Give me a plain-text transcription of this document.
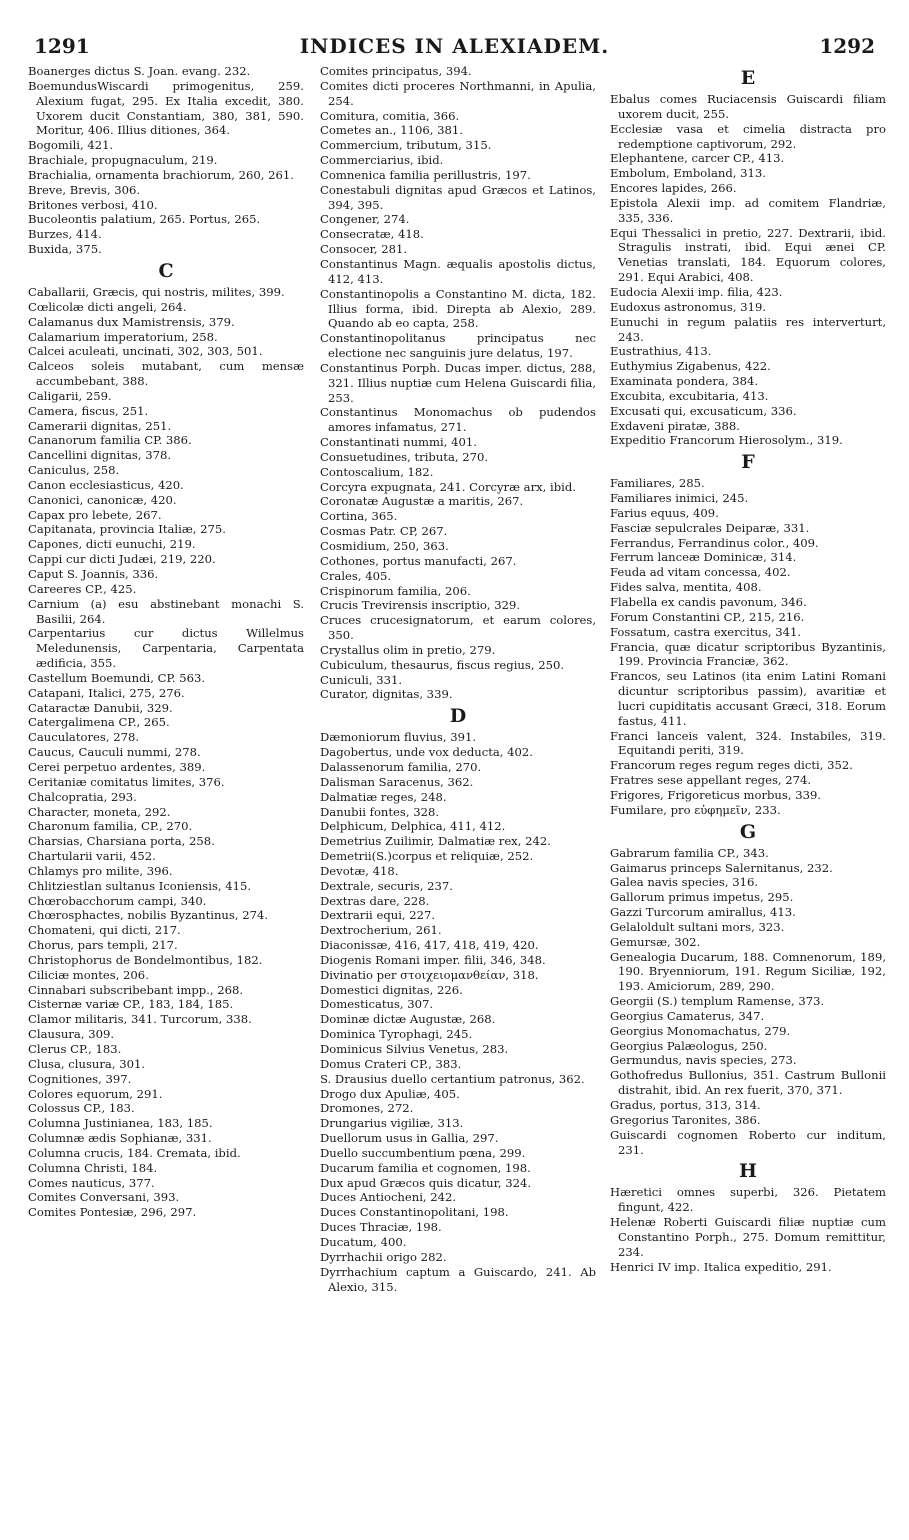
1291	INDICES IN ALEXIADEM.	1292
Boanerges dictus S. Joan. evang. 232.
BoemundusWiscardi primogenitus, 259. Alexium fugat, 295. Ex Italia excedit, 380. Uxorem ducit Constantiam, 380, 381, 590. Moritur, 406. Illius ditiones, 364.
Bogomili, 421.
Brachiale, propugnaculum, 219.
Brachialia, ornamenta brachiorum, 260, 261.
Breve, Brevis, 306.
Britones verbosi, 410.
Bucoleontis palatium, 265. Portus, 265.
Burzes, 414.
Buxida, 375.
C
Caballarii, Græcis, qui nostris, milites, 399.
Cœlicolæ dicti angeli, 264.
Calamanus dux Mamistrensis, 379.
Calamarium imperatorium, 258.
Calcei aculeati, uncinati, 302, 303, 501.
Calceos soleis mutabant, cum mensæ accumbebant, 388.
Caligarii, 259.
Camera, fiscus, 251.
Camerarii dignitas, 251.
Cananorum familia CP. 386.
Cancellini dignitas, 378.
Caniculus, 258.
Canon ecclesiasticus, 420.
Canonici, canonicæ, 420.
Capax pro lebete, 267.
Capitanata, provincia Italiæ, 275.
Capones, dicti eunuchi, 219.
Cappi cur dicti Judæi, 219, 220.
Caput S. Joannis, 336.
Careeres CP., 425.
Carnium (a) esu abstinebant monachi S. Basilii, 264.
Carpentarius cur dictus Willelmus Meledunensis, Carpentaria, Carpentata ædificia, 355.
Castellum Boemundi, CP. 563.
Catapani, Italici, 275, 276.
Cataractæ Danubii, 329.
Catergalimena CP., 265.
Cauculatores, 278.
Caucus, Cauculi nummi, 278.
Cerei perpetuo ardentes, 389.
Ceritaniæ comitatus limites, 376.
Chalcopratia, 293.
Character, moneta, 292.
Charonum familia, CP., 270.
Charsias, Charsiana porta, 258.
Chartularii varii, 452.
Chlamys pro milite, 396.
Chlitziestlan sultanus Iconiensis, 415.
Chœrobacchorum campi, 340.
Chœrosphactes, nobilis Byzantinus, 274.
Chomateni, qui dicti, 217.
Chorus, pars templi, 217.
Christophorus de Bondelmontibus, 182.
Ciliciæ montes, 206.
Cinnabari subscribebant impp., 268.
Cisternæ variæ CP., 183, 184, 185.
Clamor militaris, 341. Turcorum, 338.
Clausura, 309.
Clerus CP., 183.
Clusa, clusura, 301.
Cognitiones, 397.
Colores equorum, 291.
Colossus CP., 183.
Columna Justinianea, 183, 185.
Columnæ ædis Sophianæ, 331.
Columna crucis, 184. Cremata, ibid.
Columna Christi, 184.
Comes nauticus, 377.
Comites Conversani, 393.
Comites Pontesiæ, 296, 297.
Comites principatus, 394.
Comites dicti proceres Northmanni, in Apulia, 254.
Comitura, comitia, 366.
Cometes an., 1106, 381.
Commercium, tributum, 315.
Commerciarius, ibid.
Comnenica familia perillustris, 197.
Conestabuli dignitas apud Græcos et Latinos, 394, 395.
Congener, 274.
Consecratæ, 418.
Consocer, 281.
Constantinus Magn. æqualis apostolis dictus, 412, 413.
Constantinopolis a Constantino M. dicta, 182. Illius forma, ibid. Direpta ab Alexio, 289. Quando ab eo capta, 258.
Constantinopolitanus principatus nec electione nec sanguinis jure delatus, 197.
Constantinus Porph. Ducas imper. dictus, 288, 321. Illius nuptiæ cum Helena Guiscardi filia, 253.
Constantinus Monomachus ob pudendos amores infamatus, 271.
Constantinati nummi, 401.
Consuetudines, tributa, 270.
Contoscalium, 182.
Corcyra expugnata, 241. Corcyræ arx, ibid.
Coronatæ Augustæ a maritis, 267.
Cortina, 365.
Cosmas Patr. CP, 267.
Cosmidium, 250, 363.
Cothones, portus manufacti, 267.
Crales, 405.
Crispinorum familia, 206.
Crucis Trevirensis inscriptio, 329.
Cruces crucesignatorum, et earum colores, 350.
Crystallus olim in pretio, 279.
Cubiculum, thesaurus, fiscus regius, 250.
Cuniculi, 331.
Curator, dignitas, 339.
D
Dæmoniorum fluvius, 391.
Dagobertus, unde vox deducta, 402.
Dalassenorum familia, 270.
Dalisman Saracenus, 362.
Dalmatiæ reges, 248.
Danubii fontes, 328.
Delphicum, Delphica, 411, 412.
Demetrius Zuilimir, Dalmatiæ rex, 242.
Demetrii(S.)corpus et reliquiæ, 252.
Devotæ, 418.
Dextrale, securis, 237.
Dextras dare, 228.
Dextrarii equi, 227.
Dextrocherium, 261.
Diaconissæ, 416, 417, 418, 419, 420.
Diogenis Romani imper. filii, 346, 348.
Divinatio per στοιχειομανθείαν, 318.
Domestici dignitas, 226.
Domesticatus, 307.
Dominæ dictæ Augustæ, 268.
Dominica Tyrophagi, 245.
Dominicus Silvius Venetus, 283.
Domus Crateri CP., 383.
S. Drausius duello certantium patronus, 362.
Drogo dux Apuliæ, 405.
Dromones, 272.
Drungarius vigiliæ, 313.
Duellorum usus in Gallia, 297.
Duello succumbentium pœna, 299.
Ducarum familia et cognomen, 198.
Dux apud Græcos quis dicatur, 324.
Duces Antiocheni, 242.
Duces Constantinopolitani, 198.
Duces Thraciæ, 198.
Ducatum, 400.
Dyrrhachii origo 282.
Dyrrhachium captum a Guiscardo, 241. Ab Alexio, 315.
E
Ebalus comes Ruciacensis Guiscardi filiam uxorem ducit, 255.
Ecclesiæ vasa et cimelia distracta pro redemptione captivorum, 292.
Elephantene, carcer CP., 413.
Embolum, Emboland, 313.
Encores lapides, 266.
Epistola Alexii imp. ad comitem Flandriæ, 335, 336.
Equi Thessalici in pretio, 227. Dextrarii, ibid. Stragulis instrati, ibid. Equi ænei CP. Venetias translati, 184. Equorum colores, 291. Equi Arabici, 408.
Eudocia Alexii imp. filia, 423.
Eudoxus astronomus, 319.
Eunuchi in regum palatiis res interverturt, 243.
Eustrathius, 413.
Euthymius Zigabenus, 422.
Examinata pondera, 384.
Excubita, excubitaria, 413.
Excusati qui, excusaticum, 336.
Exdaveni piratæ, 388.
Expeditio Francorum Hierosolym., 319.
F
Familiares, 285.
Familiares inimici, 245.
Farius equus, 409.
Fasciæ sepulcrales Deiparæ, 331.
Ferrandus, Ferrandinus color., 409.
Ferrum lanceæ Dominicæ, 314.
Feuda ad vitam concessa, 402.
Fides salva, mentita, 408.
Flabella ex candis pavonum, 346.
Forum Constantini CP., 215, 216.
Fossatum, castra exercitus, 341.
Francia, quæ dicatur scriptoribus Byzantinis, 199. Provincia Franciæ, 362.
Francos, seu Latinos (ita enim Latini Romani dicuntur scriptoribus passim), avaritiæ et lucri cupiditatis accusant Græci, 318. Eorum fastus, 411.
Franci lanceis valent, 324. Instabiles, 319. Equitandi periti, 319.
Francorum reges regum reges dicti, 352.
Fratres sese appellant reges, 274.
Frigores, Frigoreticus morbus, 339.
Fumilare, pro εὐφημεῖν, 233.
G
Gabrarum familia CP., 343.
Gaimarus princeps Salernitanus, 232.
Galea navis species, 316.
Gallorum primus impetus, 295.
Gazzi Turcorum amirallus, 413.
Gelaloldult sultani mors, 323.
Gemursæ, 302.
Genealogia Ducarum, 188. Comnenorum, 189, 190. Bryenniorum, 191. Regum Siciliæ, 192, 193. Amiciorum, 289, 290.
Georgii (S.) templum Ramense, 373.
Georgius Camaterus, 347.
Georgius Monomachatus, 279.
Georgius Palæologus, 250.
Germundus, navis species, 273.
Gothofredus Bullonius, 351. Castrum Bullonii distrahit, ibid. An rex fuerit, 370, 371.
Gradus, portus, 313, 314.
Gregorius Taronites, 386.
Guiscardi cognomen Roberto cur inditum, 231.
H
Hæretici omnes superbi, 326. Pietatem fingunt, 422.
Helenæ Roberti Guiscardi filiæ nuptiæ cum Constantino Porph., 275. Domum remittitur, 234.
Henrici IV imp. Italica expeditio, 291.
